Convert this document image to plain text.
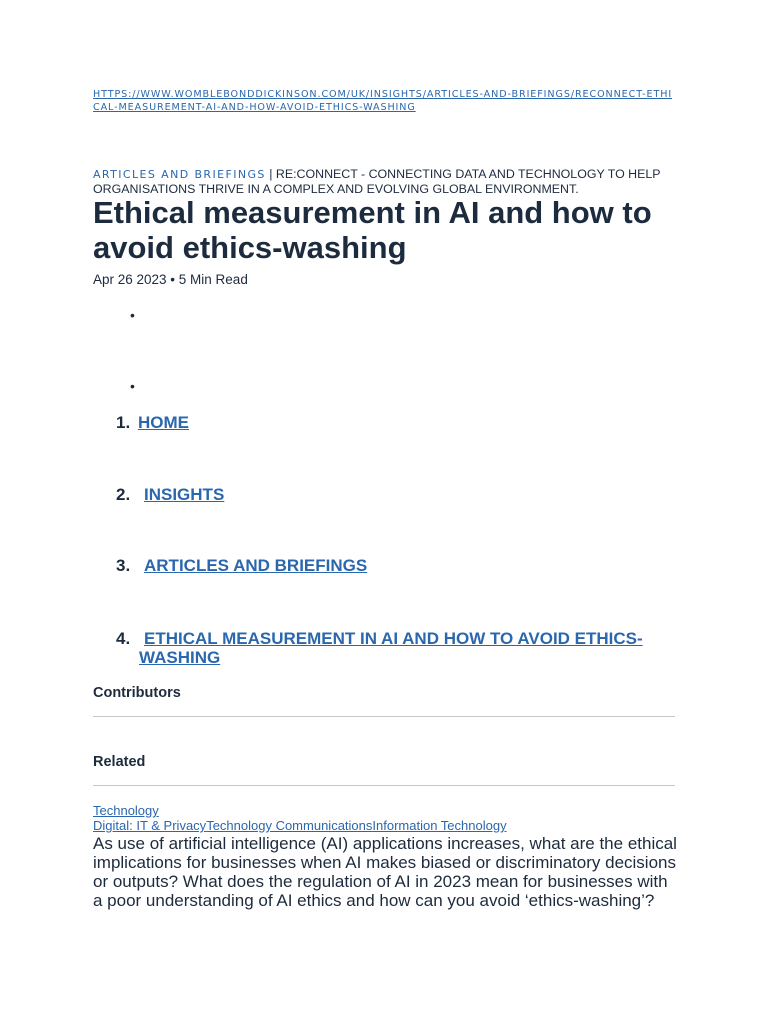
HTTPS://WWW.WOMBLEBONDDICKINSON.COM/UK/INSIGHTS/ARTICLES-AND-BRIEFINGS/RECONNECT-ETHICAL-MEASUREMENT-AI-AND-HOW-AVOID-ETHICS-WASHING
ARTICLES AND BRIEFINGS | RE:CONNECT - CONNECTING DATA AND TECHNOLOGY TO HELP ORGANISATIONS THRIVE IN A COMPLEX AND EVOLVING GLOBAL ENVIRONMENT.
Ethical measurement in AI and how to avoid ethics-washing
Apr 26 2023 • 5 Min Read
•
•
1. HOME
2. INSIGHTS
3. ARTICLES AND BRIEFINGS
4. ETHICAL MEASUREMENT IN AI AND HOW TO AVOID ETHICS-WASHING
Contributors
Related
Technology
Digital: IT & PrivacyTechnology CommunicationsInformation Technology

As use of artificial intelligence (AI) applications increases, what are the ethical implications for businesses when AI makes biased or discriminatory decisions or outputs? What does the regulation of AI in 2023 mean for businesses with a poor understanding of AI ethics and how can you avoid ‘ethics-washing’?
